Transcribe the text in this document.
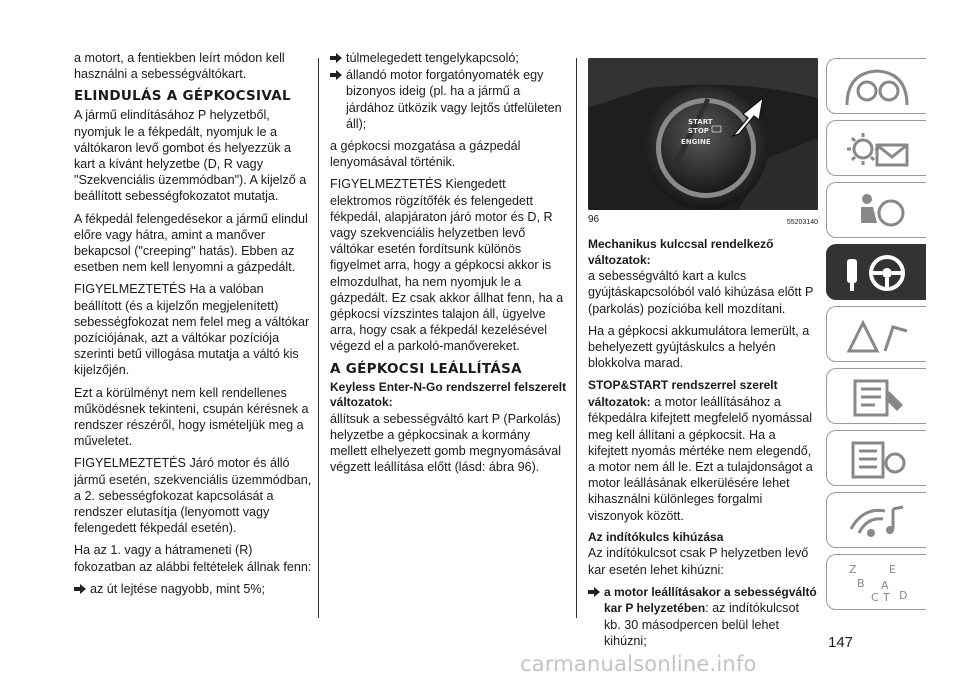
a motort, a fentiekben leírt módon kell használni a sebességváltókart.

ELINDULÁS A GÉPKOCSIVAL

A jármű elindításához P helyzetből, nyomjuk le a fékpedált, nyomjuk le a váltókaron levő gombot és helyezzük a kart a kívánt helyzetbe (D, R vagy "Szekvenciális üzemmódban"). A kijelző a beállított sebességfokozatot mutatja.

A fékpedál felengedésekor a jármű elindul előre vagy hátra, amint a manőver bekapcsol ("creeping" hatás). Ebben az esetben nem kell lenyomni a gázpedált.

FIGYELMEZTETÉS Ha a valóban beállított (és a kijelzőn megjelenített) sebességfokozat nem felel meg a váltókar pozíciójának, azt a váltókar pozíciója szerinti betű villogása mutatja a váltó kis kijelzőjén.

Ezt a körülményt nem kell rendellenes működésnek tekinteni, csupán kérésnek a rendszer részéről, hogy ismételjük meg a műveletet.

FIGYELMEZTETÉS Járó motor és álló jármű esetén, szekvenciális üzemmódban, a 2. sebességfokozat kapcsolását a rendszer elutasítja (lenyomott vagy felengedett fékpedál esetén).

Ha az 1. vagy a hátrameneti (R) fokozatban az alábbi feltételek állnak fenn:

az út lejtése nagyobb, mint 5%;

túlmelegedett tengelykapcsoló;

állandó motor forgatónyomaték egy bizonyos ideig (pl. ha a jármű a járdához ütközik vagy lejtős útfelületen áll);

a gépkocsi mozgatása a gázpedál lenyomásával történik.

FIGYELMEZTETÉS Kiengedett elektromos rögzítőfék és felengedett fékpedál, alapjáraton járó motor és D, R vagy szekvenciális helyzetben levő váltókar esetén fordítsunk különös figyelmet arra, hogy a gépkocsi akkor is elmozdulhat, ha nem nyomjuk le a gázpedált. Ez csak akkor állhat fenn, ha a gépkocsi vízszintes talajon áll, ügyelve arra, hogy csak a fékpedál kezelésével végezd el a parkoló-manővereket.

A GÉPKOCSI LEÁLLÍTÁSA
Keyless Enter-N-Go rendszerrel felszerelt változatok:

állítsuk a sebességváltó kart P (Parkolás) helyzetbe a gépkocsinak a kormány mellett elhelyezett gomb megnyomásával végzett leállítása előtt (lásd: ábra 96).

START
STOP
ENGINE
96	55203140
Mechanikus kulccsal rendelkező változatok:

a sebességváltó kart a kulcs gyújtáskapcsolóból való kihúzása előtt P (parkolás) pozícióba kell mozdítani.

Ha a gépkocsi akkumulátora lemerült, a behelyezett gyújtáskulcs a helyén blokkolva marad.

STOP&START rendszerrel szerelt változatok: a motor leállításához a fékpedálra kifejtett megfelelő nyomással meg kell állítani a gépkocsit. Ha a kifejtett nyomás mértéke nem elegendő, a motor nem áll le. Ezt a tulajdonságot a motor leállásának elkerülésére lehet kihasználni különleges forgalmi viszonyok között.

Az indítókulcs kihúzása

Az indítókulcsot csak P helyzetben levő kar esetén lehet kihúzni:

a motor leállításakor a sebességváltó kar P helyzetében: az indítókulcsot kb. 30 másodpercen belül lehet kihúzni;

Z	E
B
C
A
T D
147
carmanualsonline.info
